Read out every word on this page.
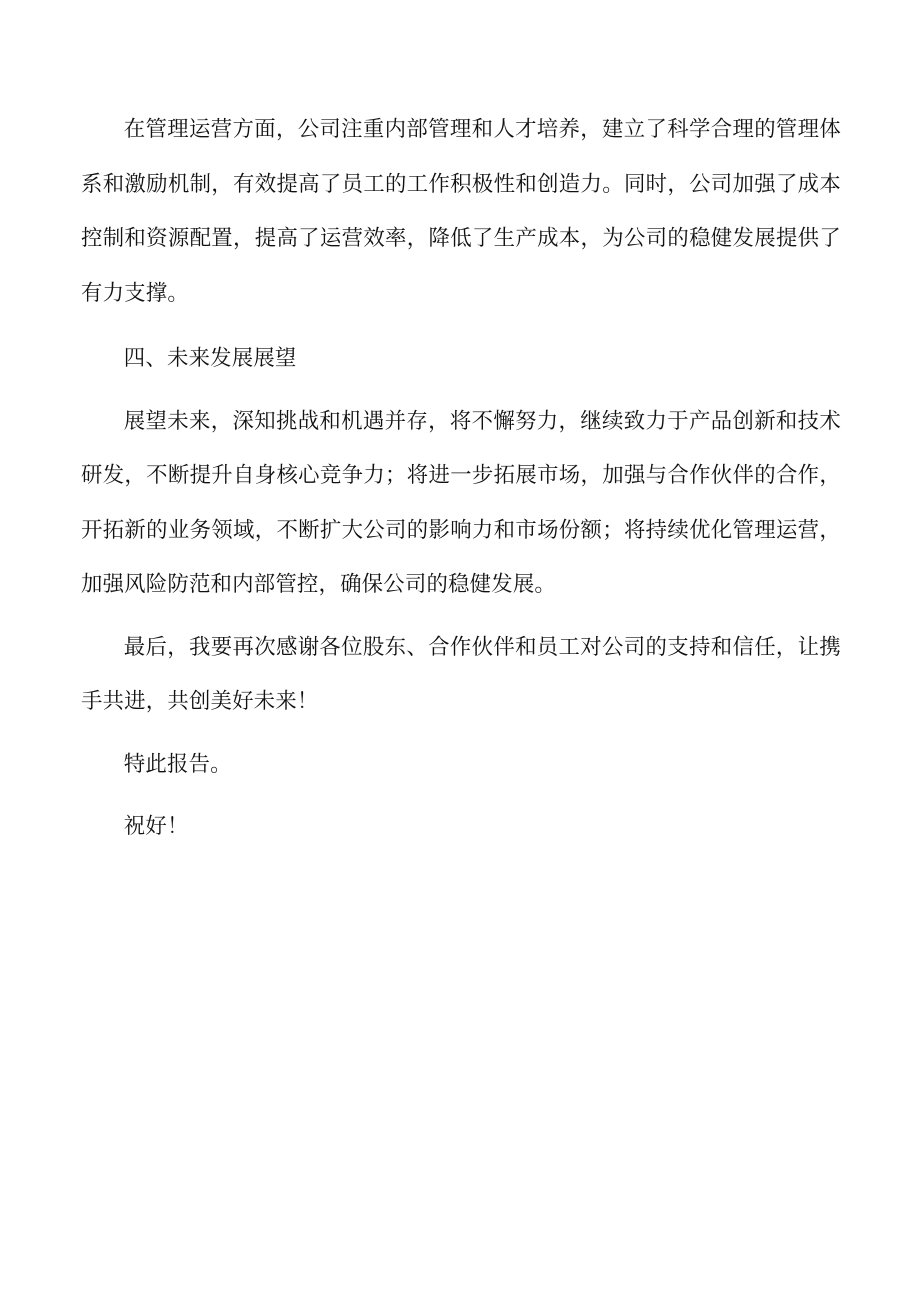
在管理运营方面，公司注重内部管理和人才培养，建立了科学合理的管理体系和激励机制，有效提高了员工的工作积极性和创造力。同时，公司加强了成本控制和资源配置，提高了运营效率，降低了生产成本，为公司的稳健发展提供了有力支撑。

四、未来发展展望

展望未来，深知挑战和机遇并存，将不懈努力，继续致力于产品创新和技术研发，不断提升自身核心竞争力；将进一步拓展市场，加强与合作伙伴的合作，开拓新的业务领域，不断扩大公司的影响力和市场份额；将持续优化管理运营，加强风险防范和内部管控，确保公司的稳健发展。

最后，我要再次感谢各位股东、合作伙伴和员工对公司的支持和信任，让携手共进，共创美好未来！

特此报告。

祝好！
